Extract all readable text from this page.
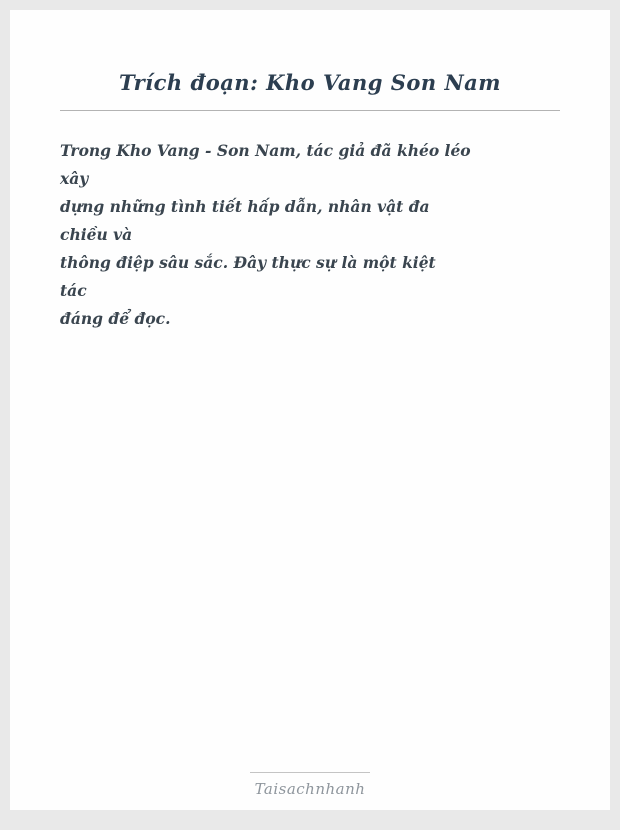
Trích đoạn: Kho Vang Son Nam
Trong Kho Vang - Son Nam, tác giả đã khéo léo
xây
dựng những tình tiết hấp dẫn, nhân vật đa
chiều và
thông điệp sâu sắc. Đây thực sự là một kiệt
tác
đáng để đọc.
Taisachnhanh
